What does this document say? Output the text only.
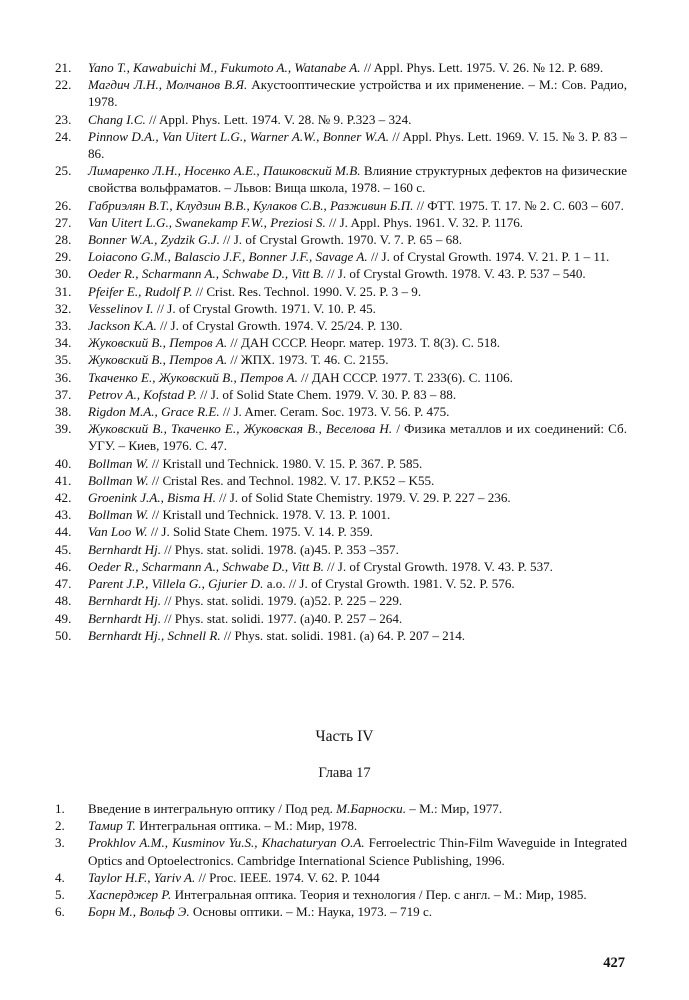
21.	Yano T., Kawabuichi M., Fukumoto A., Watanabe A. // Appl. Phys. Lett. 1975. V. 26. № 12. P. 689.

22.	Магдич Л.Н., Молчанов В.Я. Акустооптические устройства и их применение. – М.: Сов. Радио, 1978.

23.	Chang I.C. // Appl. Phys. Lett. 1974. V. 28. № 9. P.323 – 324.

24.	Pinnow D.A., Van Uitert L.G., Warner A.W., Bonner W.A. // Appl. Phys. Lett. 1969. V. 15. № 3. P. 83 – 86.

25.	Лимаренко Л.Н., Носенко А.Е., Пашковский М.В. Влияние структурных дефектов на физические свойства вольфраматов. – Львов: Вища школа, 1978. – 160 с.

26.	Габриэлян В.Т., Клудзин В.В., Кулаков С.В., Разживин Б.П. // ФТТ. 1975. Т. 17. № 2. С. 603 – 607.

27.	Van Uitert L.G., Swanekamp F.W., Preziosi S. // J. Appl. Phys. 1961. V. 32. P. 1176.

28.	Bonner W.A., Zydzik G.J. // J. of Crystal Growth. 1970. V. 7. P. 65 – 68.

29.	Loiacono G.M., Balascio J.F., Bonner J.F., Savage A. // J. of Crystal Growth. 1974. V. 21. P. 1 – 11.

30.	Oeder R., Scharmann A., Schwabe D., Vitt B. // J. of Crystal Growth. 1978. V. 43. P. 537 – 540.

31.	Pfeifer E., Rudolf P. // Crist. Res. Technol. 1990. V. 25. P. 3 – 9.

32.	Vesselinov I. // J. of Crystal Growth. 1971. V. 10. P. 45.

33.	Jackson K.A. // J. of Crystal Growth. 1974. V. 25/24. P. 130.

34.	Жуковский В., Петров А. // ДАН СССР. Неорг. матер. 1973. Т. 8(3). С. 518.

35.	Жуковский В., Петров А. // ЖПХ. 1973. Т. 46. С. 2155.

36.	Ткаченко Е., Жуковский В., Петров А. // ДАН СССР. 1977. Т. 233(6). С. 1106.

37.	Petrov A., Kofstad P. // J. of Solid State Chem. 1979. V. 30. P. 83 – 88.

38.	Rigdon M.A., Grace R.E. // J. Amer. Ceram. Soc. 1973. V. 56. P. 475.

39.	Жуковский В., Ткаченко Е., Жуковская В., Веселова Н. / Физика металлов и их соединений: Сб. УГУ. – Киев, 1976. С. 47.

40.	Bollman W. // Kristall und Technick. 1980. V. 15. P. 367. P. 585.

41.	Bollman W. // Cristal Res. and Technol. 1982. V. 17. P.K52 – K55.

42.	Groenink J.A., Bisma H. // J. of Solid State Chemistry. 1979. V. 29. P. 227 – 236.

43.	Bollman W. // Kristall und Technick. 1978. V. 13. P. 1001.

44.	Van Loo W. // J. Solid State Chem. 1975. V. 14. P. 359.

45.	Bernhardt Hj. // Phys. stat. solidi. 1978. (a)45. P. 353 –357.

46.	Oeder R., Scharmann A., Schwabe D., Vitt B. // J. of Crystal Growth. 1978. V. 43. P. 537.

47.	Parent J.P., Villela G., Gjurier D. a.o. // J. of Crystal Growth. 1981. V. 52. P. 576.

48.	Bernhardt Hj. // Phys. stat. solidi. 1979. (a)52. P. 225 – 229.

49.	Bernhardt Hj. // Phys. stat. solidi. 1977. (a)40. P. 257 – 264.

50.	Bernhardt Hj., Schnell R. // Phys. stat. solidi. 1981. (a) 64. P. 207 – 214.

Часть IV
Глава 17

1.	Введение в интегральную оптику / Под ред. М.Барноски. – М.: Мир, 1977.

2.	Тамир Т. Интегральная оптика. – М.: Мир, 1978.

3.	Prokhlov A.M., Kusminov Yu.S., Khachaturyan O.A. Ferroelectric Thin-Film Waveguide in Integrated Optics and Optoelectronics. Cambridge International Science Publishing, 1996.

4.	Taylor H.F., Yariv A. // Proc. IEEE. 1974. V. 62. P. 1044

5.	Хасперджер Р. Интегральная оптика. Теория и технология / Пер. с англ. – М.: Мир, 1985.

6.	Борн М., Вольф Э. Основы оптики. – М.: Наука, 1973. – 719 с.

427
